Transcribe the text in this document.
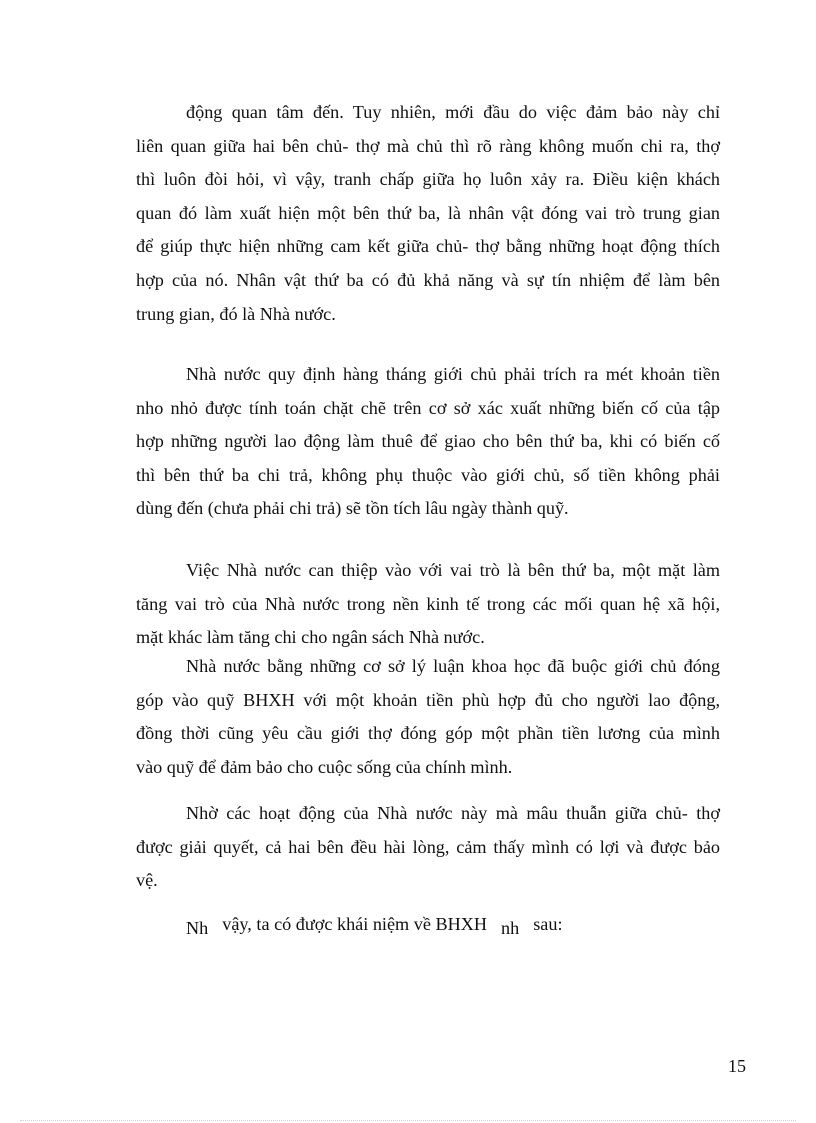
động quan tâm đến. Tuy nhiên, mới đầu do việc đảm bảo này chỉ
liên quan giữa hai bên chủ- thợ mà chủ thì rõ ràng không muốn chi ra, thợ
thì luôn đòi hỏi, vì vậy, tranh chấp giữa họ luôn xảy ra. Điều kiện khách
quan đó làm xuất hiện một bên thứ ba, là nhân vật đóng vai trò trung gian
để giúp thực hiện những cam kết giữa chủ- thợ bằng những hoạt động thích
hợp của nó. Nhân vật thứ ba có đủ khả năng và sự tín nhiệm để làm bên
trung gian, đó là Nhà nước.

Nhà nước quy định hàng tháng giới chủ phải trích ra mét khoản tiền
nho nhỏ được tính toán chặt chẽ trên cơ sở xác xuất những biến cố của tập
hợp những người lao động làm thuê để giao cho bên thứ ba, khi có biến cố
thì bên thứ ba chi trả, không phụ thuộc vào giới chủ, số tiền không phải
dùng đến (chưa phải chi trả) sẽ tồn tích lâu ngày thành quỹ.

Việc Nhà nước can thiệp vào với vai trò là bên thứ ba, một mặt làm
tăng vai trò của Nhà nước trong nền kinh tế trong các mối quan hệ xã hội,
mặt khác làm tăng chi cho ngân sách Nhà nước.

Nhà nước bằng những cơ sở lý luận khoa học đã buộc giới chủ đóng
góp vào quỹ BHXH với một khoản tiền phù hợp đủ cho người lao động,
đồng thời cũng yêu cầu giới thợ đóng góp một phần tiền lương của mình
vào quỹ để đảm bảo cho cuộc sống của chính mình.

Nhờ các hoạt động của Nhà nước này mà mâu thuẫn giữa chủ- thợ
được giải quyết, cả hai bên đều hài lòng, cảm thấy mình có lợi và được bảo
vệ.

Nh vậy, ta có được khái niệm về BHXH nh sau:

15
